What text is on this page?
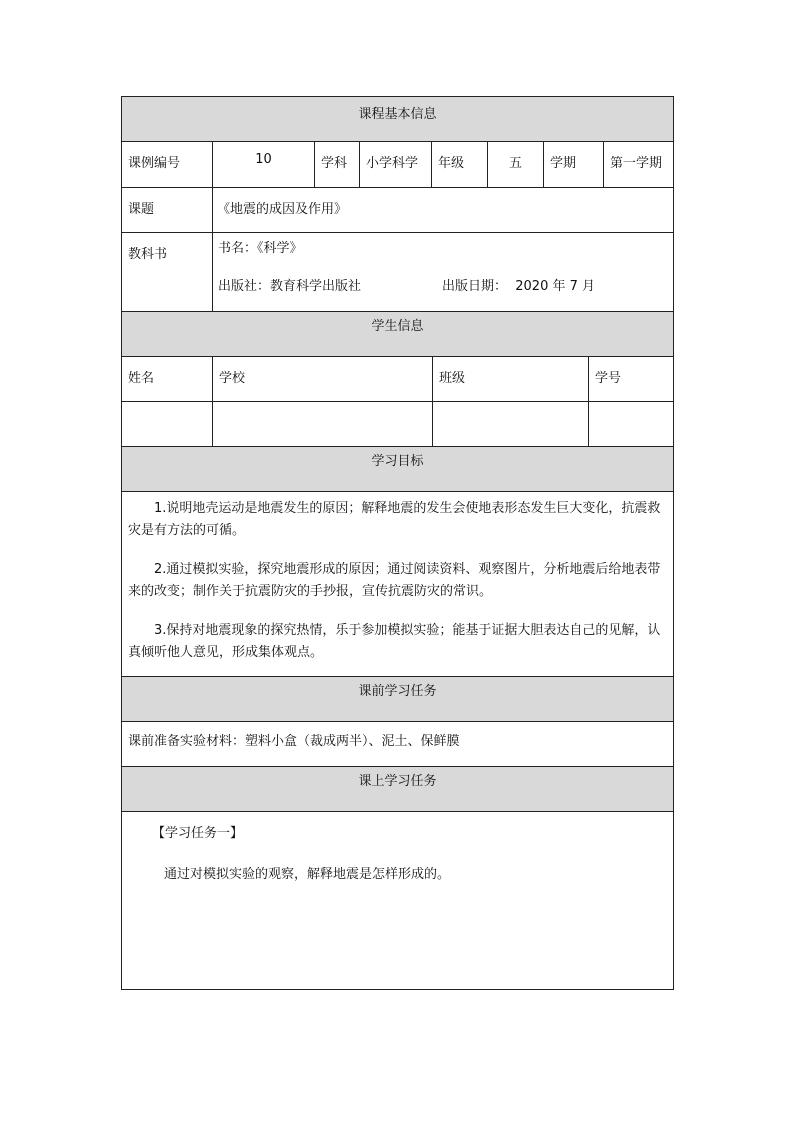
课程基本信息
课例编号	10	学科	小学科学	年级	五	学期	第一学期
课题	《地震的成因及作用》
教科书	书名：《科学》
出版社：教育科学出版社	出版日期：  2020 年 7 月
学生信息
姓名	学校	班级	学号
学习目标

1.说明地壳运动是地震发生的原因；解释地震的发生会使地表形态发生巨大变化，抗震救灾是有方法的可循。

2.通过模拟实验，探究地震形成的原因；通过阅读资料、观察图片，分析地震后给地表带来的改变；制作关于抗震防灾的手抄报，宣传抗震防灾的常识。

3.保持对地震现象的探究热情，乐于参加模拟实验；能基于证据大胆表达自己的见解，认真倾听他人意见，形成集体观点。

课前学习任务
课前准备实验材料：塑料小盒（裁成两半）、泥土、保鲜膜
课上学习任务
【学习任务一】
通过对模拟实验的观察，解释地震是怎样形成的。
